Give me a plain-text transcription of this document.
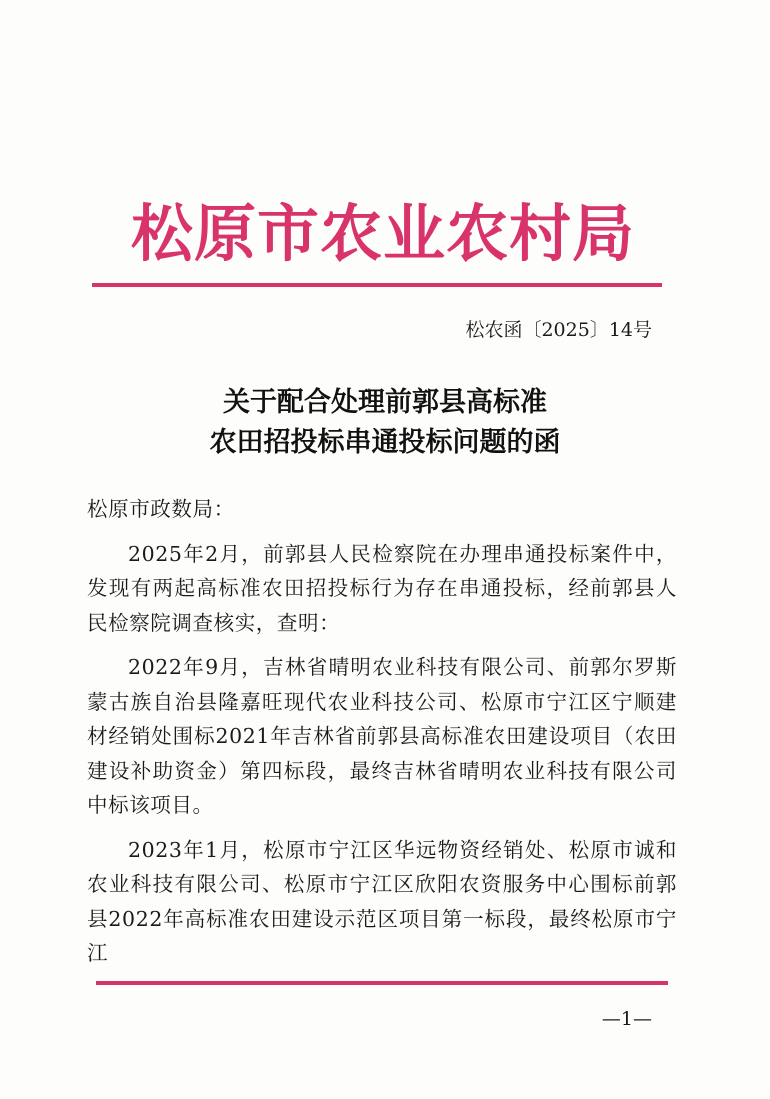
松原市农业农村局
松农函〔2025〕14号
关于配合处理前郭县高标准
农田招投标串通投标问题的函

松原市政数局：

2025年2月，前郭县人民检察院在办理串通投标案件中，发现有两起高标准农田招投标行为存在串通投标，经前郭县人民检察院调查核实，查明：

2022年9月，吉林省晴明农业科技有限公司、前郭尔罗斯蒙古族自治县隆嘉旺现代农业科技公司、松原市宁江区宁顺建材经销处围标2021年吉林省前郭县高标准农田建设项目（农田建设补助资金）第四标段，最终吉林省晴明农业科技有限公司中标该项目。

2023年1月，松原市宁江区华远物资经销处、松原市诚和农业科技有限公司、松原市宁江区欣阳农资服务中心围标前郭县2022年高标准农田建设示范区项目第一标段，最终松原市宁江

—1—
